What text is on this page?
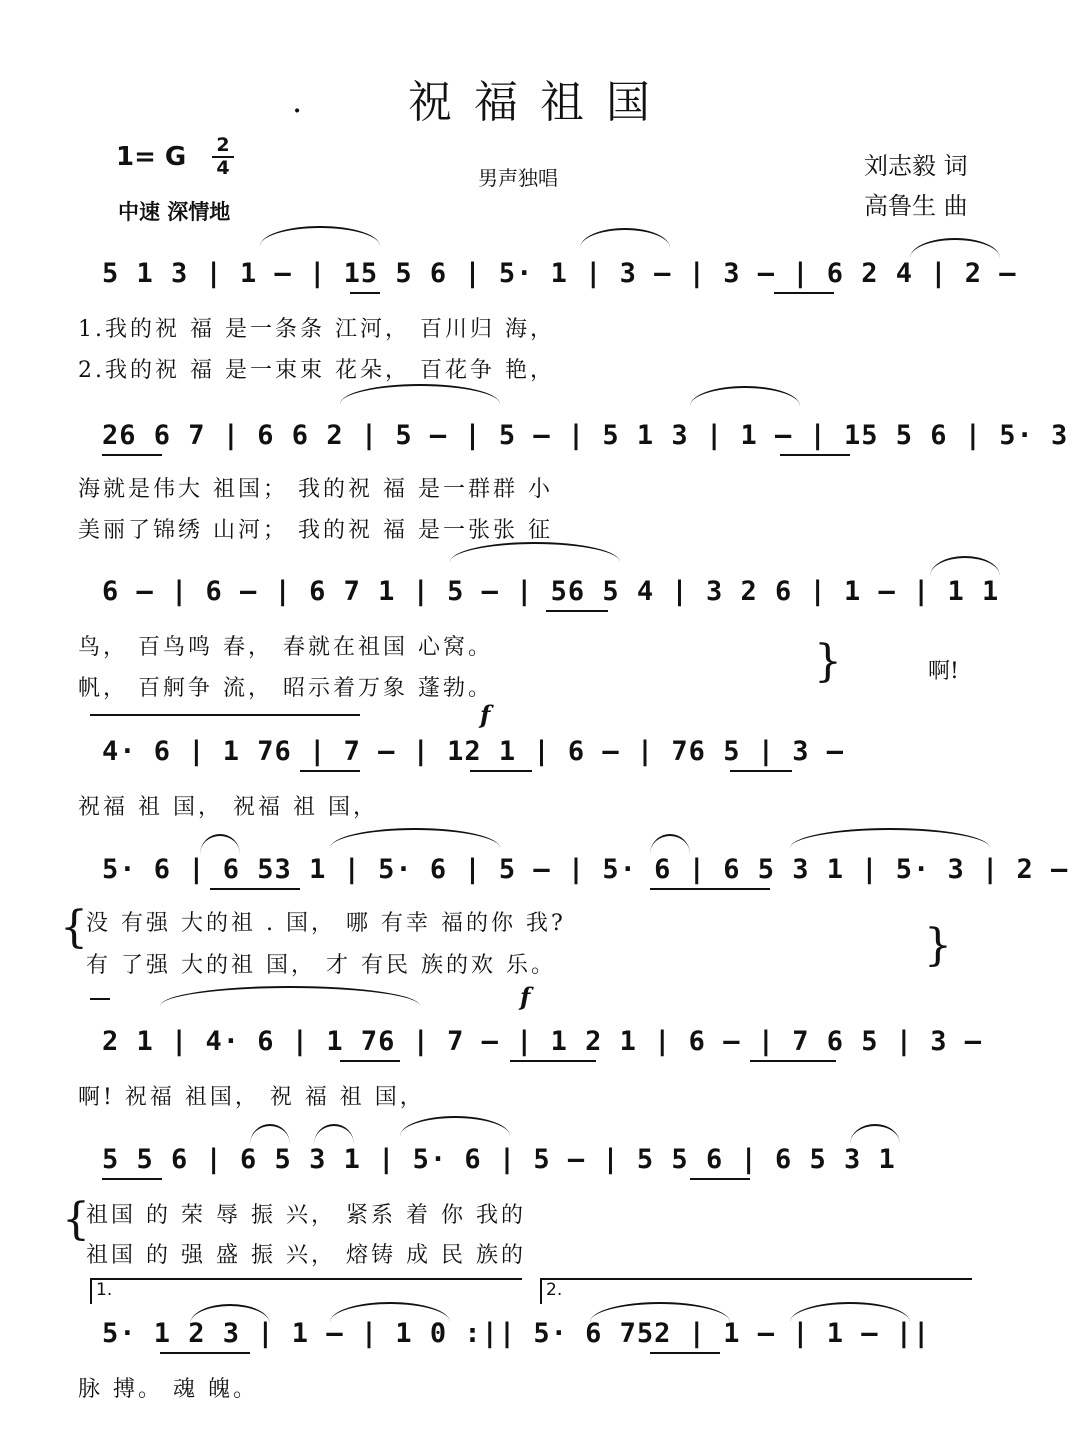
祝福祖国
.
1= G 2
4	男声独唱
中速 深情地
刘志毅 词
高鲁生 曲
5 1 3 | 1 – | 15 5 6 | 5· 1 | 3 – | 3 – | 6 2 4 | 2 –
1.我的祝 福 是一条条 江河， 百川归 海，
2.我的祝 福 是一束束 花朵， 百花争 艳，
26 6 7 | 6 6 2 | 5 – | 5 – | 5 1 3 | 1 – | 15 5 6 | 5· 3
海就是伟大 祖国； 我的祝 福 是一群群 小
美丽了锦绣 山河； 我的祝 福 是一张张 征
6 – | 6 – | 6 7 1 | 5 – | 56 5 4 | 3 2 6 | 1 – | 1 1
鸟， 百鸟鸣 春， 春就在祖国 心窝。
帆， 百舸争 流， 昭示着万象 蓬勃。
}	啊!
4· 6 | 1 76 | 7 – | 12 1 | 6 – | 76 5 | 3 –
f
祝福 祖 国， 祝福 祖 国，
5· 6 | 6 53 1 | 5· 6 | 5 – | 5· 6 | 6 5 3 1 | 5· 3 | 2 –
{
没 有强 大的祖 . 国， 哪 有幸 福的你 我?
有 了强 大的祖 国， 才 有民 族的欢 乐。	}
2 1 | 4· 6 | 1 76 | 7 – | 1 2 1 | 6 – | 7 6 5 | 3 –
f
啊! 祝福 祖国， 祝 福 祖 国，
5 5 6 | 6 5 3 1 | 5· 6 | 5 – | 5 5 6 | 6 5 3 1
{
祖国 的 荣 辱 振 兴， 紧系 着 你 我的
祖国 的 强 盛 振 兴， 熔铸 成 民 族的
1.	2.
5· 1 2 3 | 1 – | 1 0 :|| 5· 6 752 | 1 – | 1 – ||
脉 搏。 魂 魄。
